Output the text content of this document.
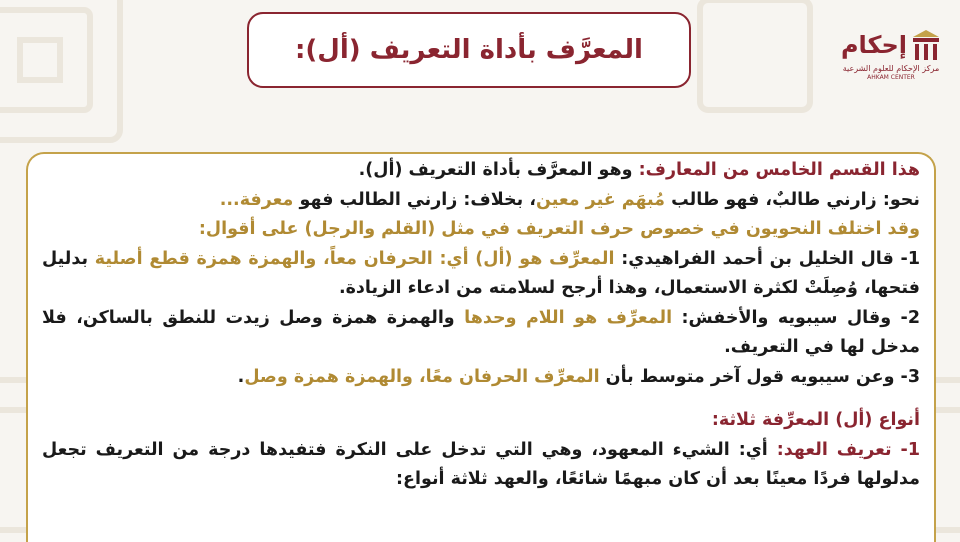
المعرَّف بأداة التعريف (أل):	إحكام
مركز الإحكام للعلوم الشرعية
AHKAM CENTER

هذا القسم الخامس من المعارف: وهو المعرَّف بأداة التعريف (أل).

نحو: زارني طالبٌ، فهو طالب مُبهَم غير معين، بخلاف: زارني الطالب فهو معرفة...

وقد اختلف النحويون في خصوص حرف التعريف في مثل (القلم والرجل) على أقوال:

1- قال الخليل بن أحمد الفراهيدي: المعرِّف هو (أل) أي: الحرفان معاً، والهمزة همزة قطع أصلية بدليل فتحها، وُصِلَتْ لكثرة الاستعمال، وهذا أرجح لسلامته من ادعاء الزيادة.

2- وقال سيبويه والأخفش: المعرِّف هو اللام وحدها والهمزة همزة وصل زيدت للنطق بالساكن، فلا مدخل لها في التعريف.

3- وعن سيبويه قول آخر متوسط بأن المعرِّف الحرفان معًا، والهمزة همزة وصل.

أنواع (أل) المعرِّفة ثلاثة:

1- تعريف العهد: أي: الشيء المعهود، وهي التي تدخل على النكرة فتفيدها درجة من التعريف تجعل مدلولها فردًا معينًا بعد أن كان مبهمًا شائعًا، والعهد ثلاثة أنواع:
